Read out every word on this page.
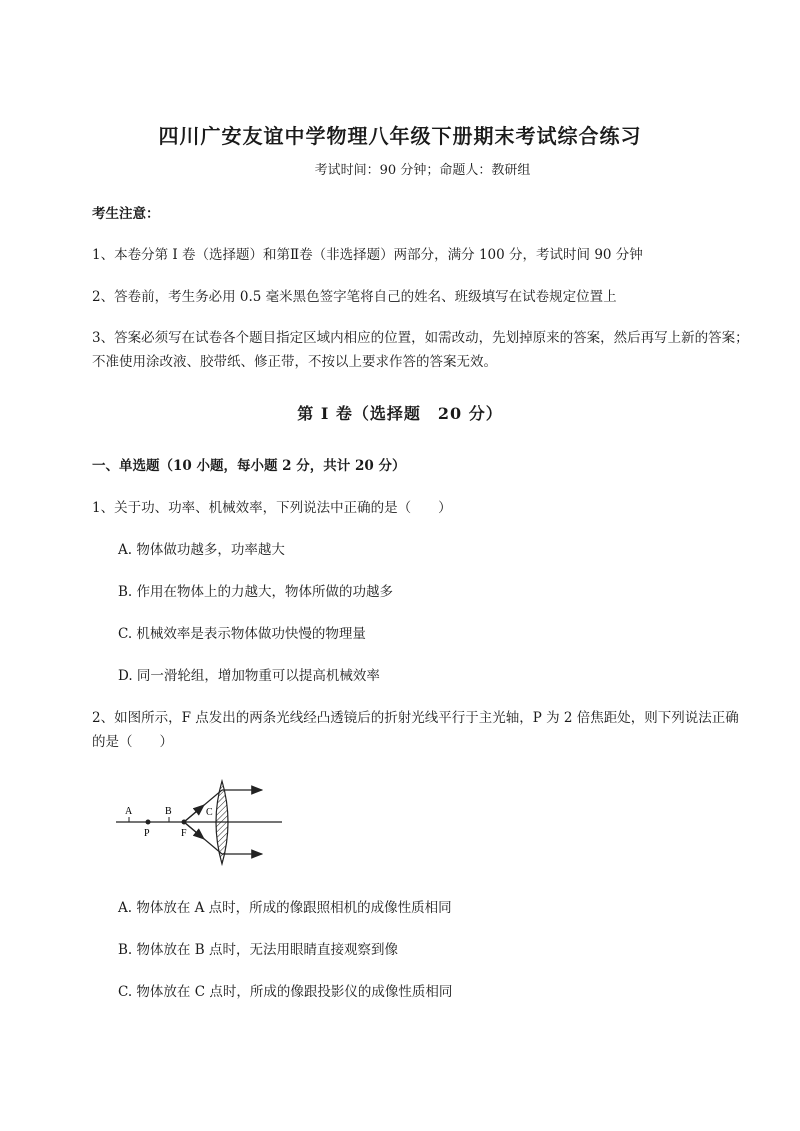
四川广安友谊中学物理八年级下册期末考试综合练习
考试时间：90 分钟；命题人：教研组
考生注意：
1、本卷分第 I 卷（选择题）和第Ⅱ卷（非选择题）两部分，满分 100 分，考试时间 90 分钟
2、答卷前，考生务必用 0.5 毫米黑色签字笔将自己的姓名、班级填写在试卷规定位置上
3、答案必须写在试卷各个题目指定区域内相应的位置，如需改动，先划掉原来的答案，然后再写上新的答案；不准使用涂改液、胶带纸、修正带，不按以上要求作答的答案无效。
第 I 卷（选择题　20 分）
一、单选题（10 小题，每小题 2 分，共计 20 分）
1、关于功、功率、机械效率，下列说法中正确的是（　　）
A. 物体做功越多，功率越大
B. 作用在物体上的力越大，物体所做的功越多
C. 机械效率是表示物体做功快慢的物理量
D. 同一滑轮组，增加物重可以提高机械效率
2、如图所示，F 点发出的两条光线经凸透镜后的折射光线平行于主光轴，P 为 2 倍焦距处，则下列说法正确的是（　　）
A	B	C
P	F
A. 物体放在 A 点时，所成的像跟照相机的成像性质相同
B. 物体放在 B 点时，无法用眼睛直接观察到像
C. 物体放在 C 点时，所成的像跟投影仪的成像性质相同
